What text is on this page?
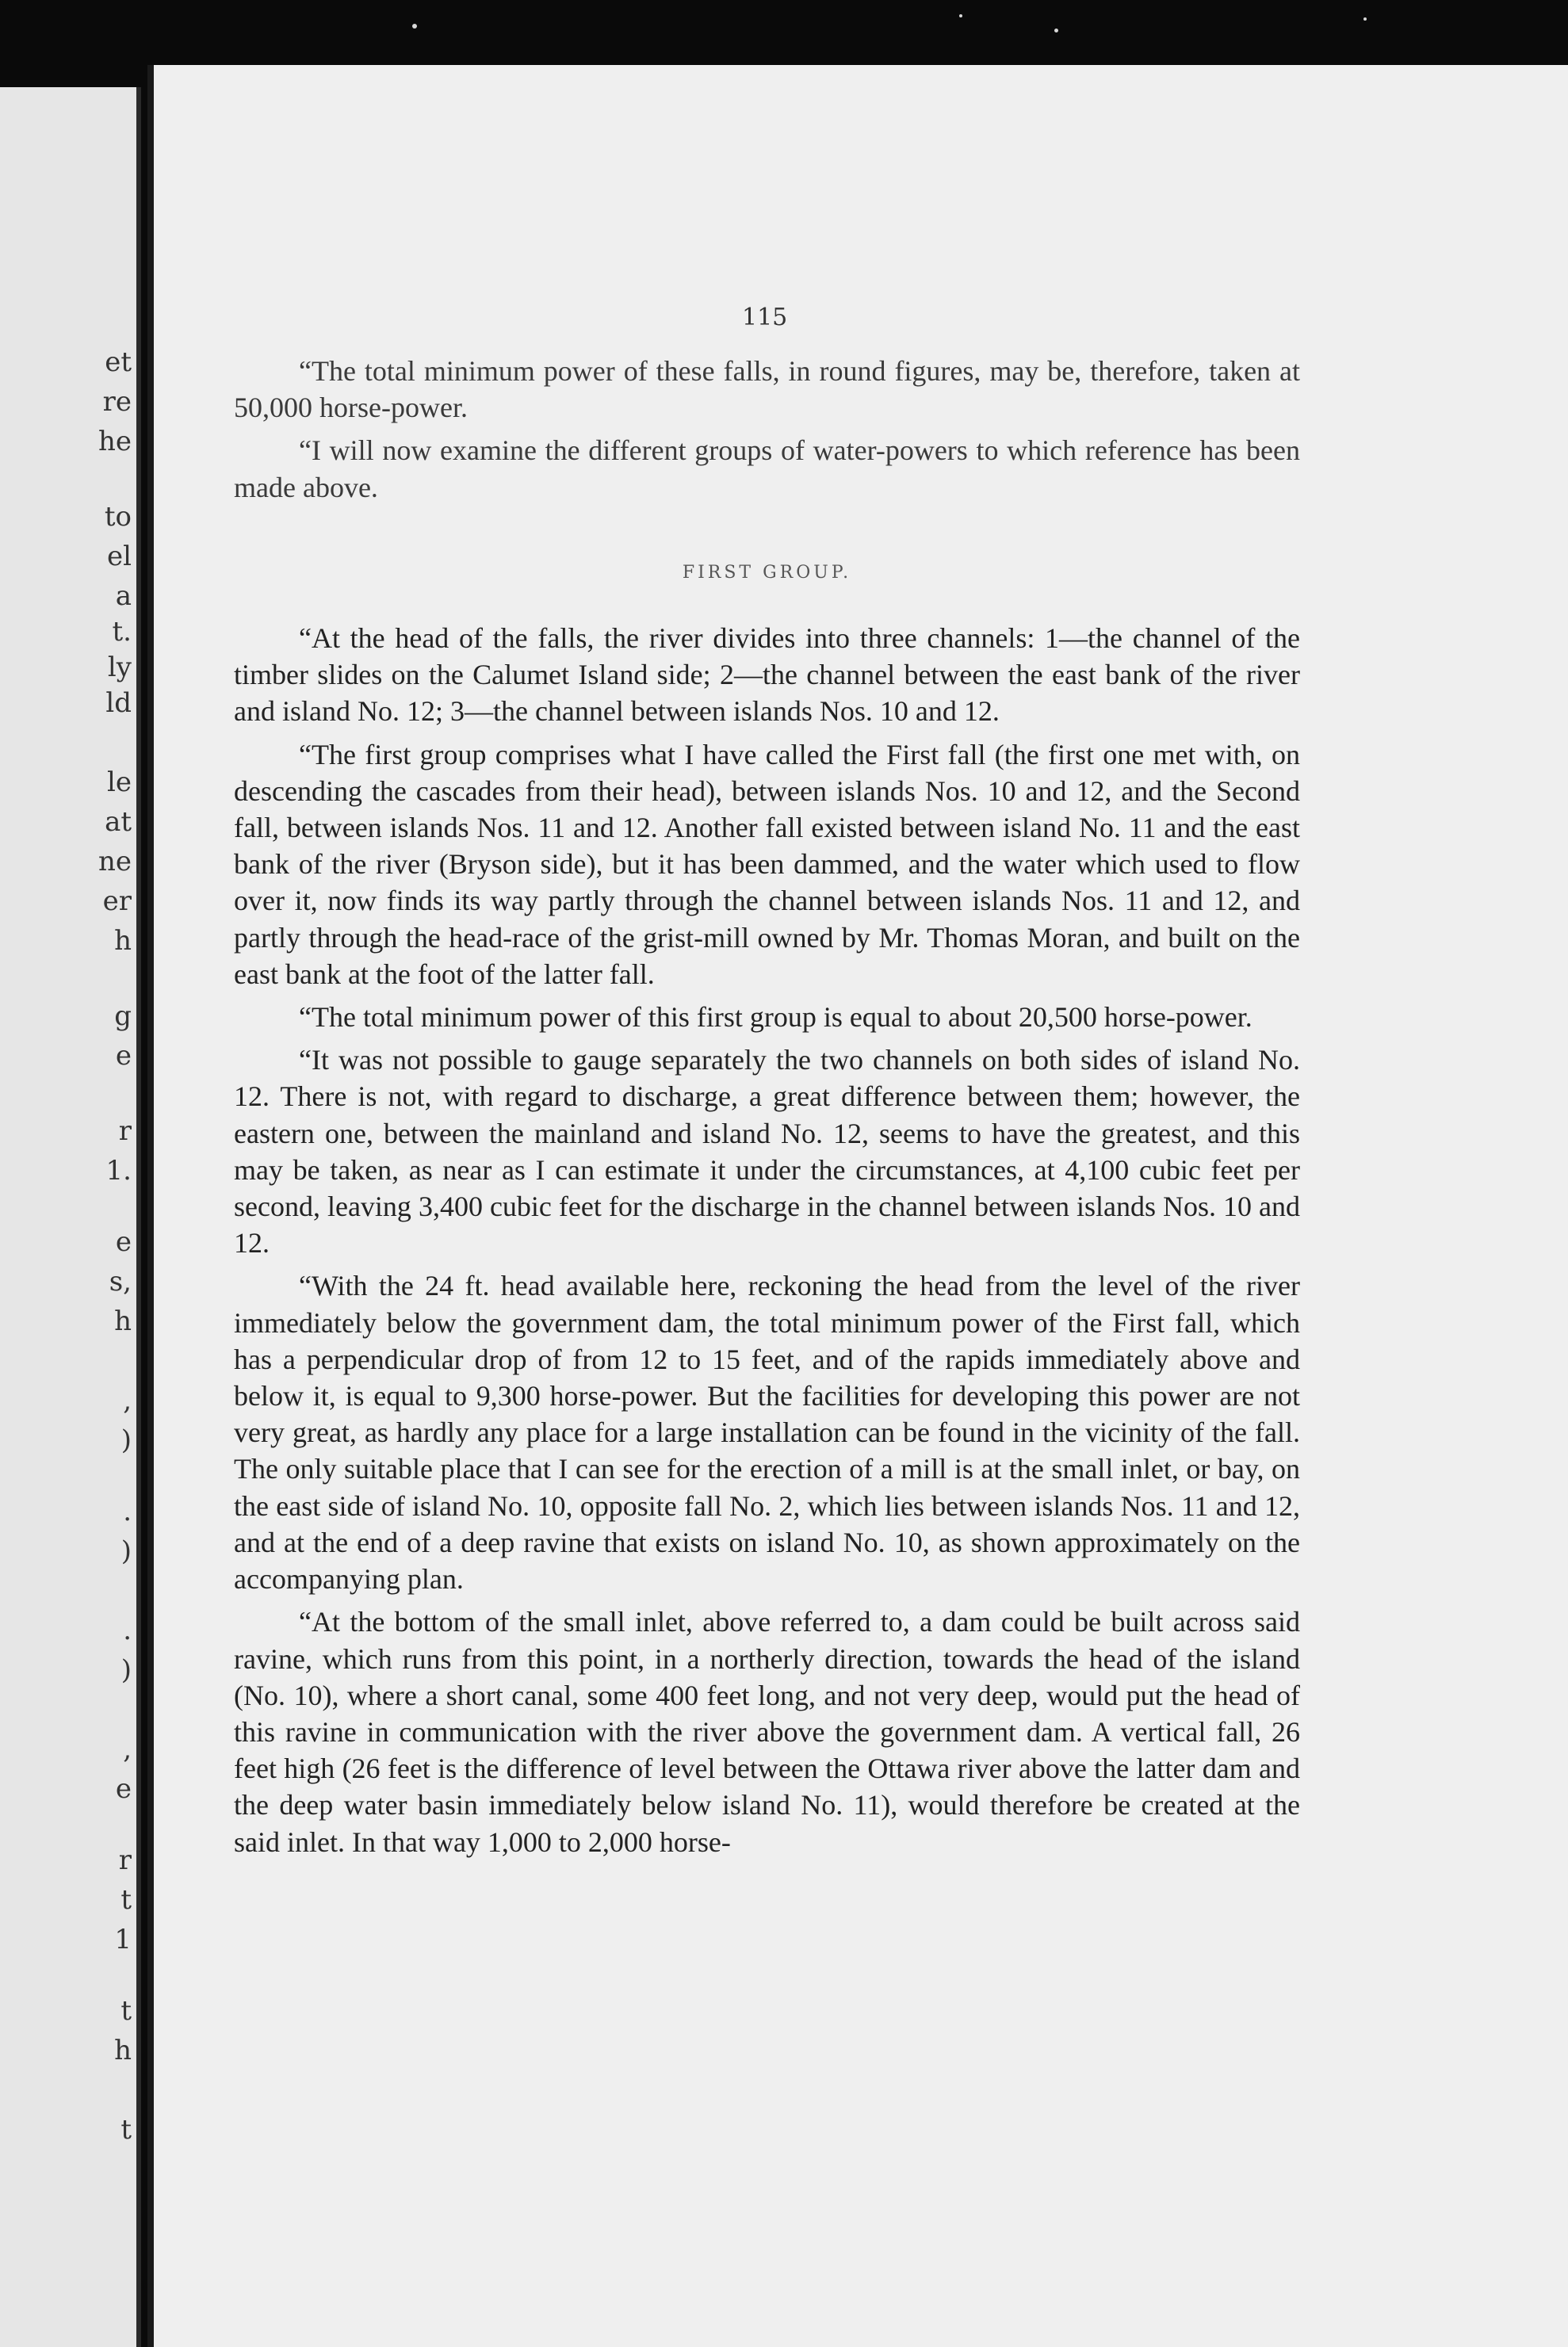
et
re
he
to
el
a
t.
ly
ld
le
at
ne
er
h
g
e
r
1.
e
s,
h
,
)
.
)
.
)
,
e
r
t
1
t
h
t
115

“The total minimum power of these falls, in round figures, may be, therefore, taken at 50,000 horse-power.

“I will now examine the different groups of water-powers to which reference has been made above.

FIRST GROUP.

“At the head of the falls, the river divides into three channels: 1—the channel of the timber slides on the Calumet Island side; 2—the channel between the east bank of the river and island No. 12; 3—the channel between islands Nos. 10 and 12.

“The first group comprises what I have called the First fall (the first one met with, on descending the cascades from their head), between islands Nos. 10 and 12, and the Second fall, between islands Nos. 11 and 12. Another fall existed between island No. 11 and the east bank of the river (Bryson side), but it has been dammed, and the water which used to flow over it, now finds its way partly through the channel between islands Nos. 11 and 12, and partly through the head-race of the grist-mill owned by Mr. Thomas Moran, and built on the east bank at the foot of the latter fall.

“The total minimum power of this first group is equal to about 20,500 horse-power.

“It was not possible to gauge separately the two channels on both sides of island No. 12. There is not, with regard to discharge, a great difference between them; however, the eastern one, between the mainland and island No. 12, seems to have the greatest, and this may be taken, as near as I can estimate it under the circumstances, at 4,100 cubic feet per second, leaving 3,400 cubic feet for the discharge in the channel between islands Nos. 10 and 12.

“With the 24 ft. head available here, reckoning the head from the level of the river immediately below the government dam, the total minimum power of the First fall, which has a perpendicular drop of from 12 to 15 feet, and of the rapids immediately above and below it, is equal to 9,300 horse-power. But the facilities for developing this power are not very great, as hardly any place for a large installation can be found in the vicinity of the fall. The only suitable place that I can see for the erection of a mill is at the small inlet, or bay, on the east side of island No. 10, opposite fall No. 2, which lies between islands Nos. 11 and 12, and at the end of a deep ravine that exists on island No. 10, as shown approximately on the accompanying plan.

“At the bottom of the small inlet, above referred to, a dam could be built across said ravine, which runs from this point, in a northerly direction, towards the head of the island (No. 10), where a short canal, some 400 feet long, and not very deep, would put the head of this ravine in communication with the river above the government dam. A vertical fall, 26 feet high (26 feet is the difference of level between the Ottawa river above the latter dam and the deep water basin immediately below island No. 11), would therefore be created at the said inlet. In that way 1,000 to 2,000 horse-
